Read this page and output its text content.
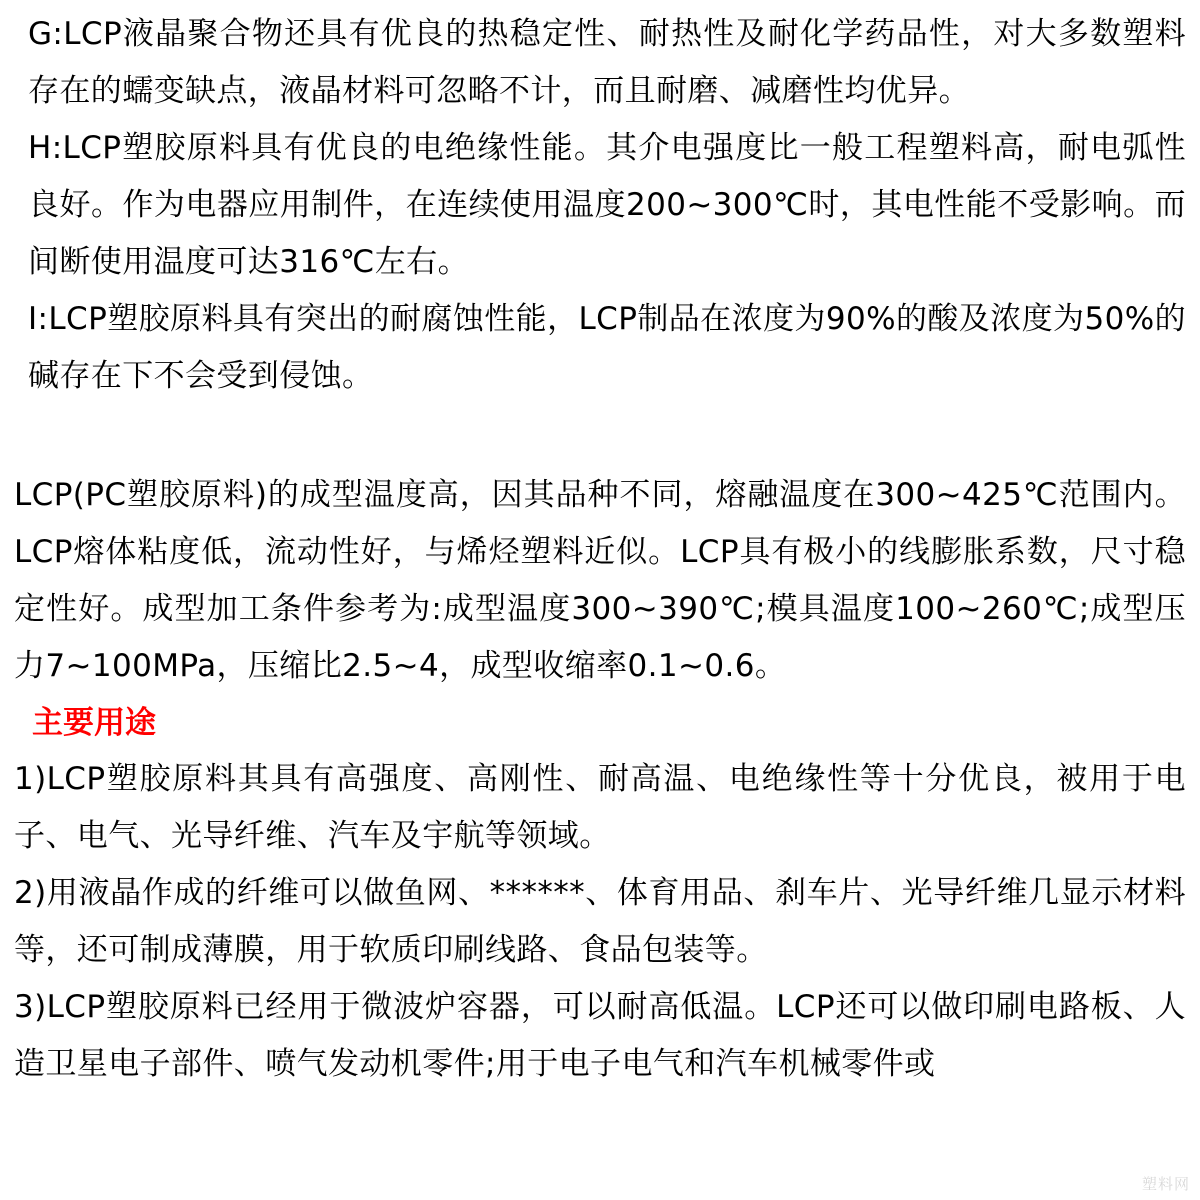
G:LCP液晶聚合物还具有优良的热稳定性、耐热性及耐化学药品性，对大多数塑料存在的蠕变缺点，液晶材料可忽略不计，而且耐磨、减磨性均优异。

H:LCP塑胶原料具有优良的电绝缘性能。其介电强度比一般工程塑料高，耐电弧性良好。作为电器应用制件，在连续使用温度200~300℃时，其电性能不受影响。而间断使用温度可达316℃左右。

I:LCP塑胶原料具有突出的耐腐蚀性能，LCP制品在浓度为90%的酸及浓度为50%的碱存在下不会受到侵蚀。

LCP(PC塑胶原料)的成型温度高，因其品种不同，熔融温度在300~425℃范围内。LCP熔体粘度低，流动性好，与烯烃塑料近似。LCP具有极小的线膨胀系数，尺寸稳定性好。成型加工条件参考为:成型温度300~390℃;模具温度100~260℃;成型压力7~100MPa，压缩比2.5~4，成型收缩率0.1~0.6。

主要用途

1)LCP塑胶原料其具有高强度、高刚性、耐高温、电绝缘性等十分优良，被用于电子、电气、光导纤维、汽车及宇航等领域。

2)用液晶作成的纤维可以做鱼网、******、体育用品、刹车片、光导纤维几显示材料等，还可制成薄膜，用于软质印刷线路、食品包装等。

3)LCP塑胶原料已经用于微波炉容器，可以耐高低温。LCP还可以做印刷电路板、人造卫星电子部件、喷气发动机零件;用于电子电气和汽车机械零件或

塑料网
